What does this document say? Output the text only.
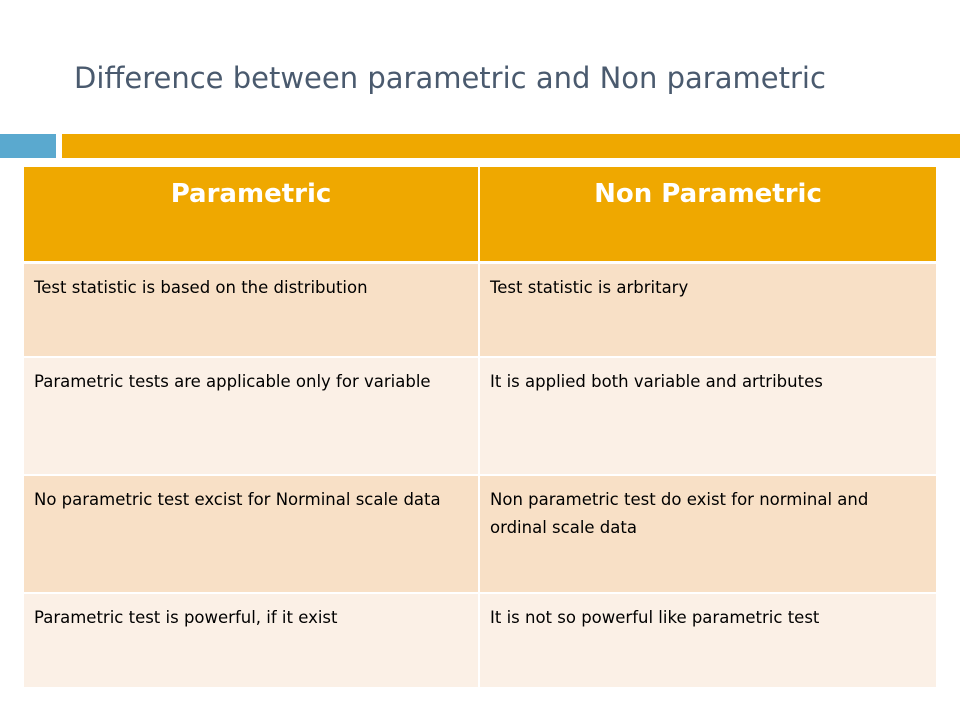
Difference between parametric and Non parametric
Parametric	Non Parametric
Test statistic is based on the distribution	Test statistic is arbritary
Parametric tests are applicable only for variable	It is applied both variable and artributes
No parametric test excist for Norminal scale data	Non parametric test do exist for norminal and ordinal scale data
Parametric test is powerful, if it exist	It is not so powerful like parametric test
